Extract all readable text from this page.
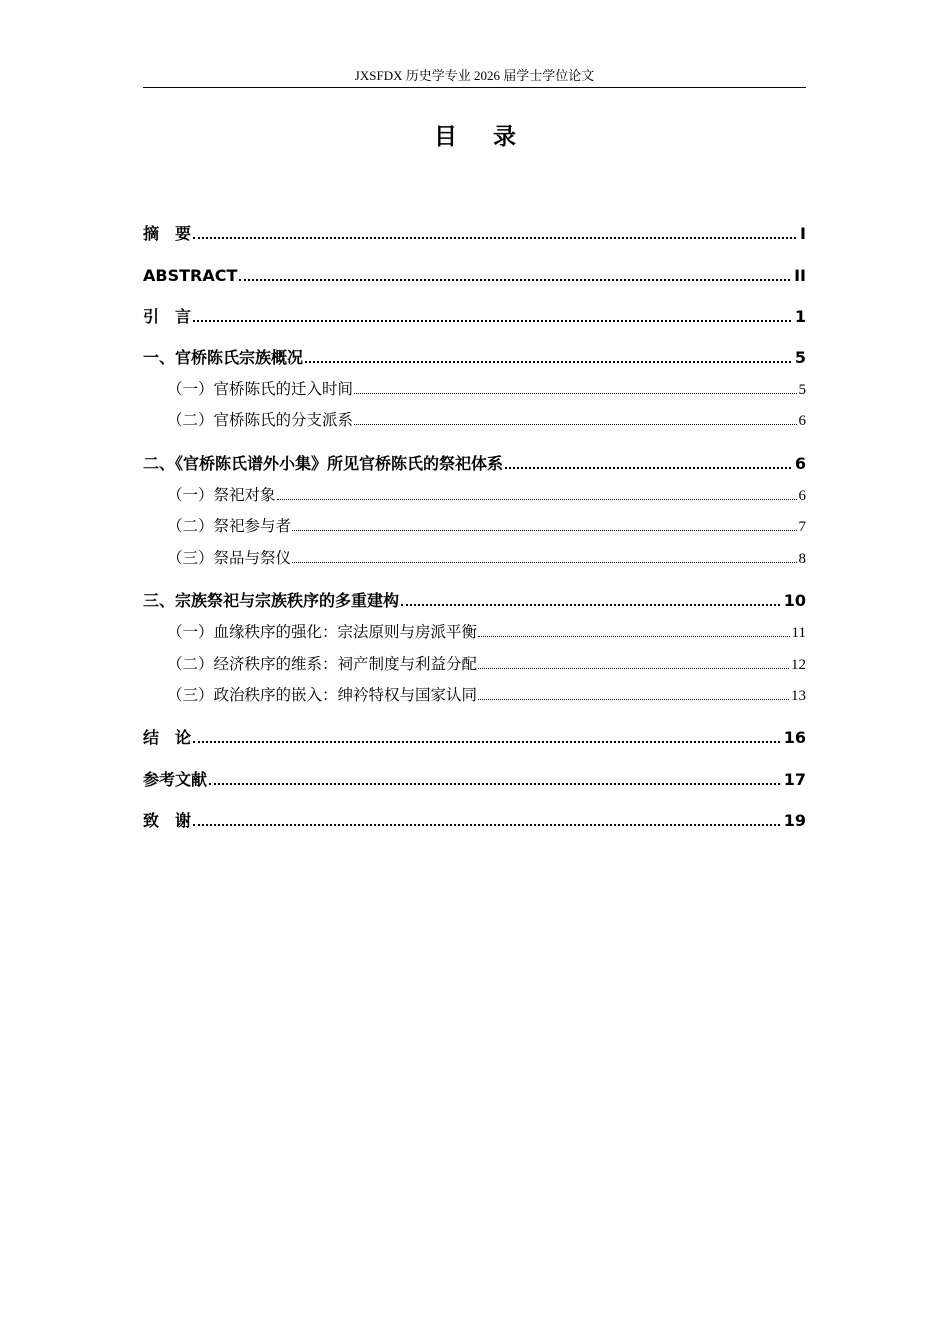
JXSFDX 历史学专业 2026 届学士学位论文
目录
摘　要	I
ABSTRACT	II
引　言	1
一、官桥陈氏宗族概况	5
（一）官桥陈氏的迁入时间	5
（二）官桥陈氏的分支派系	6
二、《官桥陈氏谱外小集》所见官桥陈氏的祭祀体系	6
（一）祭祀对象	6
（二）祭祀参与者	7
（三）祭品与祭仪	8
三、宗族祭祀与宗族秩序的多重建构	10
（一）血缘秩序的强化：宗法原则与房派平衡	11
（二）经济秩序的维系：祠产制度与利益分配	12
（三）政治秩序的嵌入：绅衿特权与国家认同	13
结　论	16
参考文献	17
致　谢	19
